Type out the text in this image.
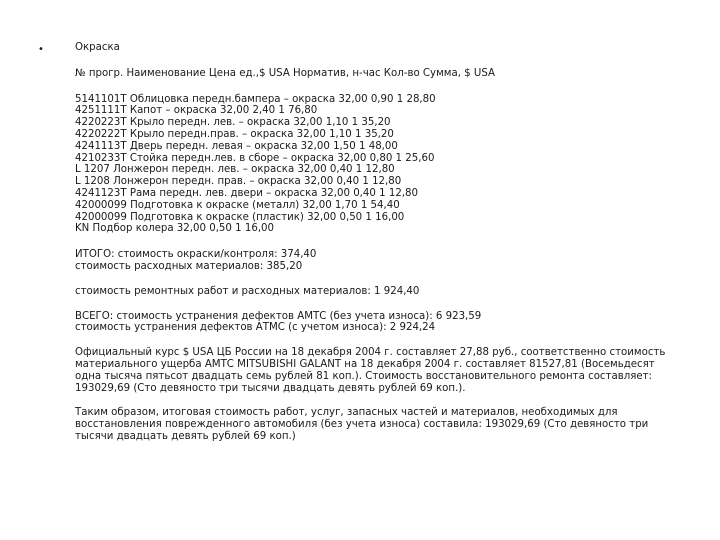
•	Окраска
№ прогр. Наименование Цена ед.,$ USA Норматив, н-час Кол-во Сумма, $ USA
5141101T Облицовка передн.бампера – окраска 32,00 0,90 1 28,80
4251111T Капот – окраска 32,00 2,40 1 76,80
4220223T Крыло передн. лев. – окраска 32,00 1,10 1 35,20
4220222T Крыло передн.прав. – окраска 32,00 1,10 1 35,20
4241113T Дверь передн. левая – окраска 32,00 1,50 1 48,00
4210233T Стойка передн.лев. в сборе – окраска 32,00 0,80 1 25,60
L 1207 Лонжерон передн. лев. – окраска 32,00 0,40 1 12,80
L 1208 Лонжерон передн. прав. – окраска 32,00 0,40 1 12,80
4241123T Рама передн. лев. двери – окраска 32,00 0,40 1 12,80
42000099 Подготовка к окраске (металл) 32,00 1,70 1 54,40
42000099 Подготовка к окраске (пластик) 32,00 0,50 1 16,00
KN Подбор колера 32,00 0,50 1 16,00
ИТОГО: стоимость окраски/контроля: 374,40
стоимость расходных материалов: 385,20
стоимость ремонтных работ и расходных материалов: 1 924,40
ВСЕГО: стоимость устранения дефектов АМТС (без учета износа): 6 923,59
стоимость устранения дефектов АТМС (с учетом износа): 2 924,24
Официальный курс $ USA ЦБ России на 18 декабря 2004 г. составляет 27,88 руб., соответственно стоимость материального ущерба АМТС MITSUBISHI GALANT на 18 декабря 2004 г. составляет 81527,81 (Восемьдесят одна тысяча пятьсот двадцать семь рублей 81 коп.). Стоимость восстановительного ремонта составляет: 193029,69 (Сто девяносто три тысячи двадцать девять рублей 69 коп.).
Таким образом, итоговая стоимость работ, услуг, запасных частей и материалов, необходимых для восстановления поврежденного автомобиля (без учета износа) составила: 193029,69 (Сто девяносто три тысячи двадцать девять рублей 69 коп.)
